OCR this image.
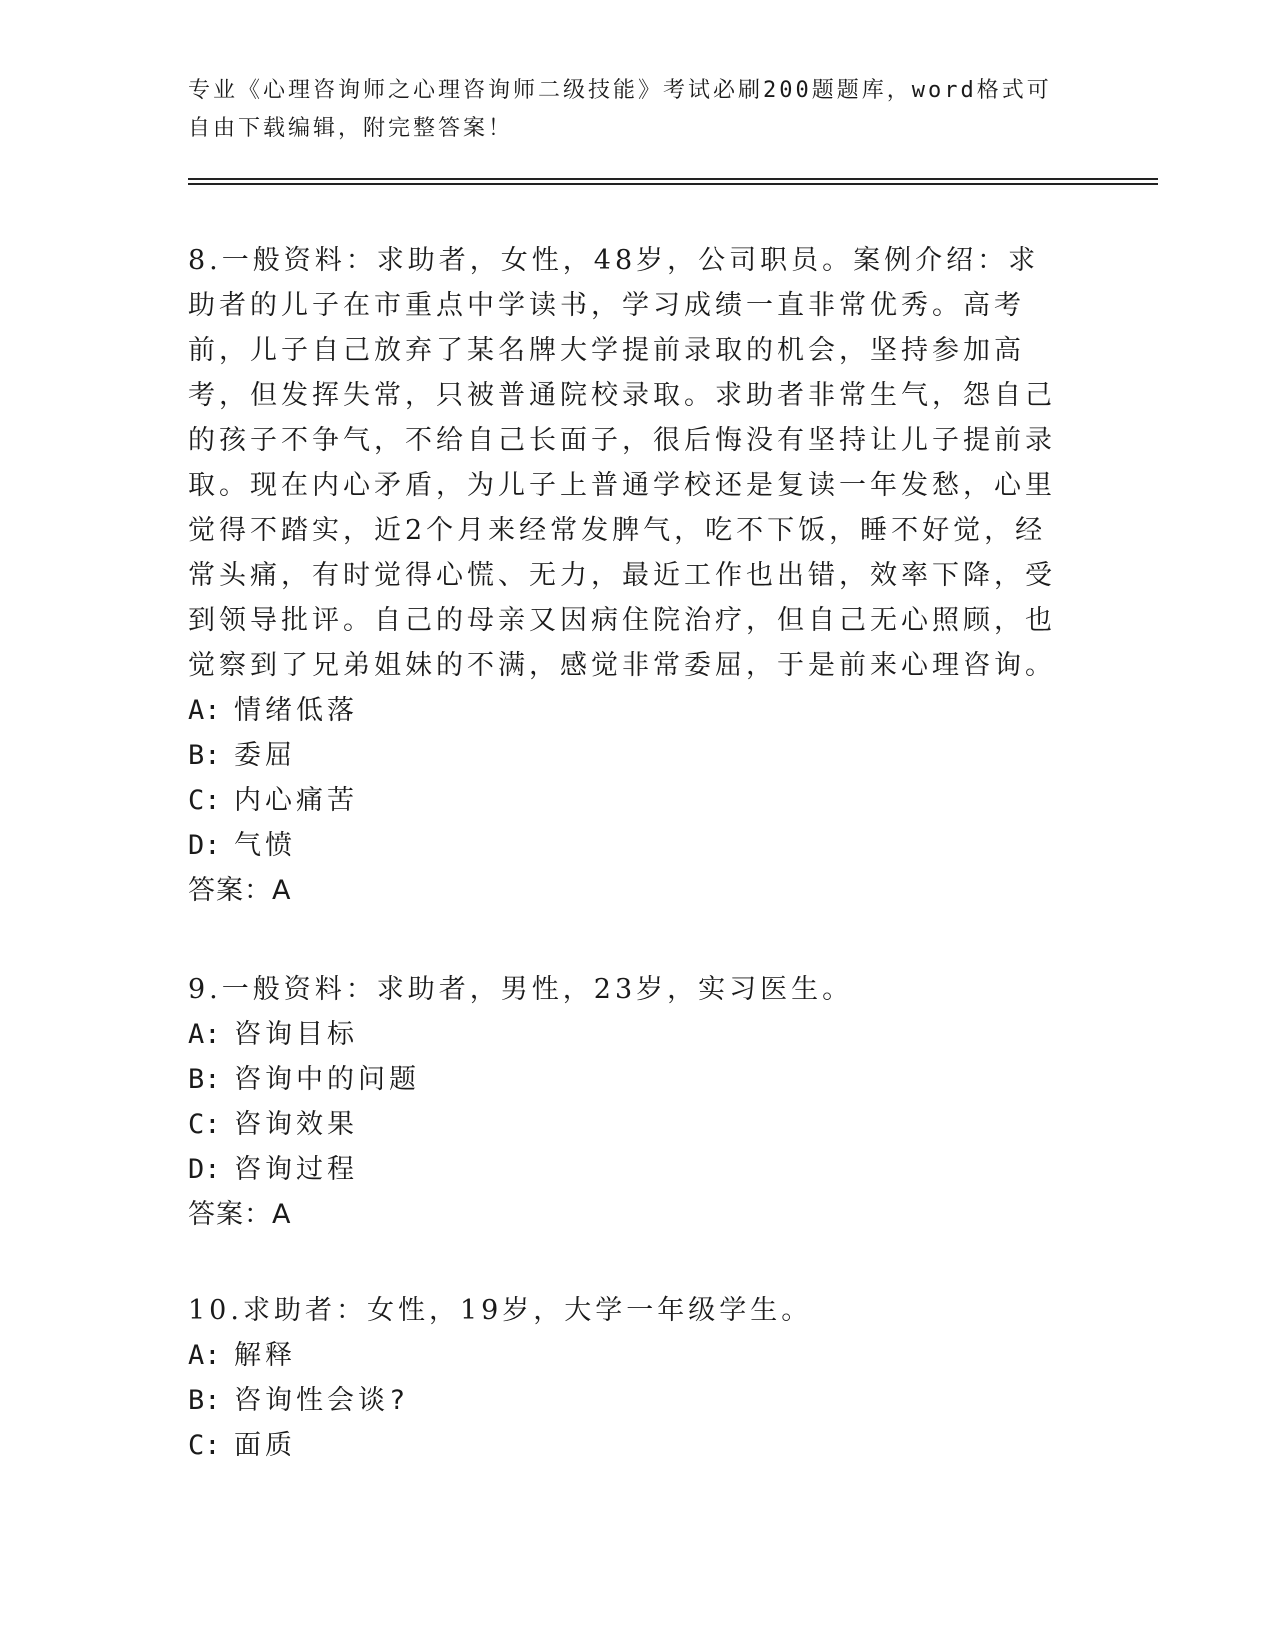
专业《心理咨询师之心理咨询师二级技能》考试必刷200题题库，word格式可自由下载编辑，附完整答案！

8.一般资料：求助者，女性，48岁，公司职员。案例介绍：求助者的儿子在市重点中学读书，学习成绩一直非常优秀。高考前，儿子自己放弃了某名牌大学提前录取的机会，坚持参加高考，但发挥失常，只被普通院校录取。求助者非常生气，怨自己的孩子不争气，不给自己长面子，很后悔没有坚持让儿子提前录取。现在内心矛盾，为儿子上普通学校还是复读一年发愁，心里觉得不踏实，近2个月来经常发脾气，吃不下饭，睡不好觉，经常头痛，有时觉得心慌、无力，最近工作也出错，效率下降，受到领导批评。自己的母亲又因病住院治疗，但自己无心照顾，也觉察到了兄弟姐妹的不满，感觉非常委屈，于是前来心理咨询。

A: 情绪低落

B: 委屈

C: 内心痛苦

D: 气愤

答案：A

9.一般资料：求助者，男性，23岁，实习医生。

A: 咨询目标

B: 咨询中的问题

C: 咨询效果

D: 咨询过程

答案：A

10.求助者：女性，19岁，大学一年级学生。

A: 解释

B: 咨询性会谈?

C: 面质
